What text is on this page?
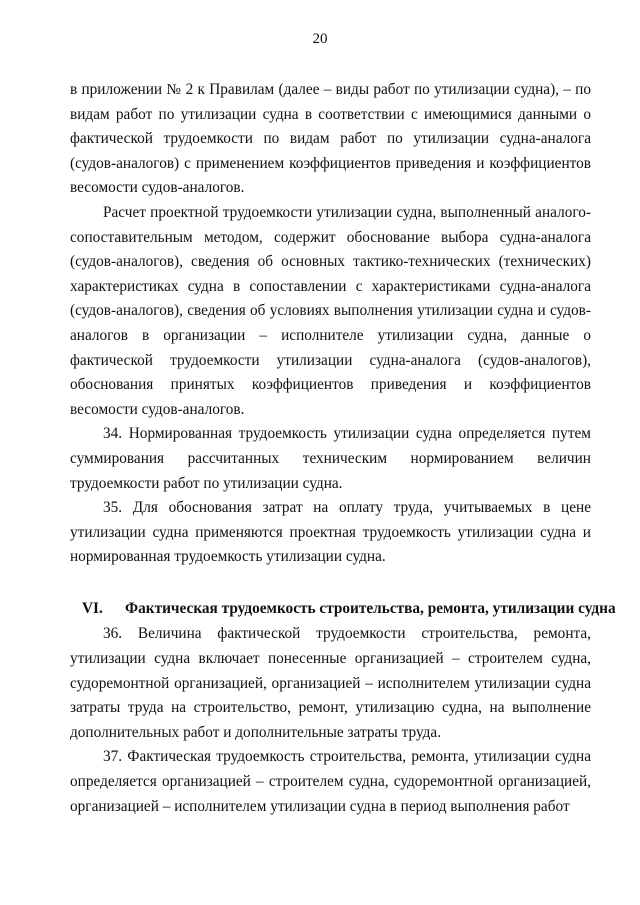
20

в приложении № 2 к Правилам (далее – виды работ по утилизации судна), – по видам работ по утилизации судна в соответствии с имеющимися данными о фактической трудоемкости по видам работ по утилизации судна-аналога (судов-аналогов) с применением коэффициентов приведения и коэффициентов весомости судов-аналогов.

Расчет проектной трудоемкости утилизации судна, выполненный аналого-сопоставительным методом, содержит обоснование выбора судна-аналога (судов-аналогов), сведения об основных тактико-технических (технических) характеристиках судна в сопоставлении с характеристиками судна-аналога (судов-аналогов), сведения об условиях выполнения утилизации судна и судов-аналогов в организации – исполнителе утилизации судна, данные о фактической трудоемкости утилизации судна-аналога (судов-аналогов), обоснования принятых коэффициентов приведения и коэффициентов весомости судов-аналогов.

34. Нормированная трудоемкость утилизации судна определяется путем суммирования рассчитанных техническим нормированием величин трудоемкости работ по утилизации судна.

35. Для обоснования затрат на оплату труда, учитываемых в цене утилизации судна применяются проектная трудоемкость утилизации судна и нормированная трудоемкость утилизации судна.

VI. Фактическая трудоемкость строительства, ремонта, утилизации судна

36. Величина фактической трудоемкости строительства, ремонта, утилизации судна включает понесенные организацией – строителем судна, судоремонтной организацией, организацией – исполнителем утилизации судна затраты труда на строительство, ремонт, утилизацию судна, на выполнение дополнительных работ и дополнительные затраты труда.

37. Фактическая трудоемкость строительства, ремонта, утилизации судна определяется организацией – строителем судна, судоремонтной организацией, организацией – исполнителем утилизации судна в период выполнения работ
